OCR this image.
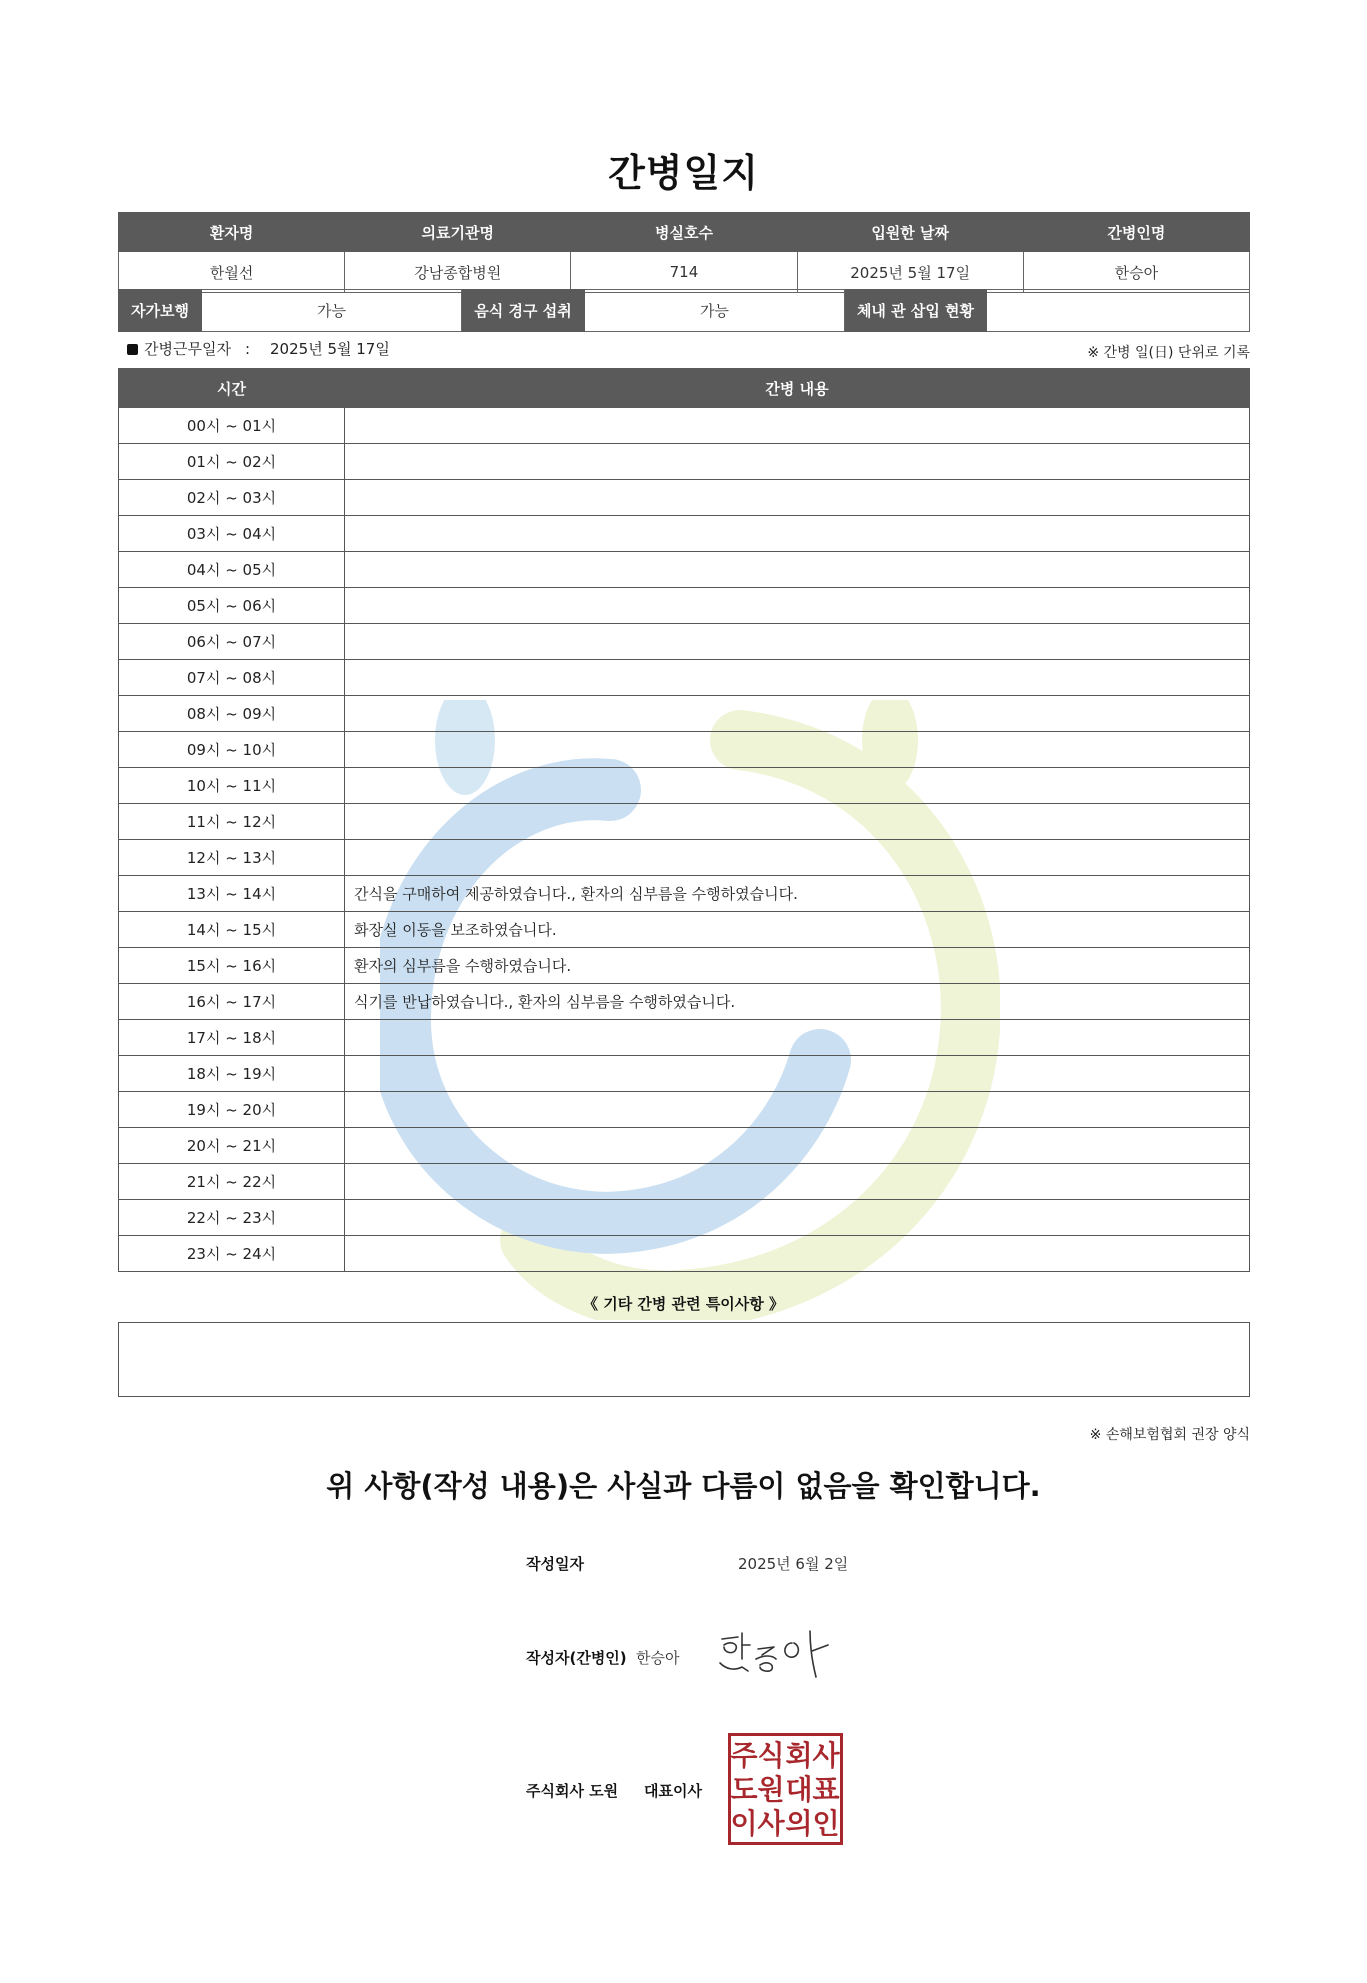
간병일지
환자명	의료기관명	병실호수	입원한 날짜	간병인명
한월선	강남종합병원	714	2025년 5월 17일	한승아
자가보행	가능	음식 경구 섭취	가능	체내 관 삽입 현황	
간병근무일자 : 2025년 5월 17일	※ 간병 일(日) 단위로 기록
시간	간병 내용
00시 ~ 01시	
01시 ~ 02시	
02시 ~ 03시	
03시 ~ 04시	
04시 ~ 05시	
05시 ~ 06시	
06시 ~ 07시	
07시 ~ 08시	
08시 ~ 09시	
09시 ~ 10시	
10시 ~ 11시	
11시 ~ 12시	
12시 ~ 13시	
13시 ~ 14시	간식을 구매하여 제공하였습니다., 환자의 심부름을 수행하였습니다.
14시 ~ 15시	화장실 이동을 보조하였습니다.
15시 ~ 16시	환자의 심부름을 수행하였습니다.
16시 ~ 17시	식기를 반납하였습니다., 환자의 심부름을 수행하였습니다.
17시 ~ 18시	
18시 ~ 19시	
19시 ~ 20시	
20시 ~ 21시	
21시 ~ 22시	
22시 ~ 23시	
23시 ~ 24시	
《 기타 간병 관련 특이사항 》
※ 손해보험협회 권장 양식
위 사항(작성 내용)은 사실과 다름이 없음을 확인합니다.
작성일자	2025년 6월 2일
작성자(간병인) 한승아
주식회사 도원 대표이사
주 식 회 사
도 원 대 표
이 사 의 인
